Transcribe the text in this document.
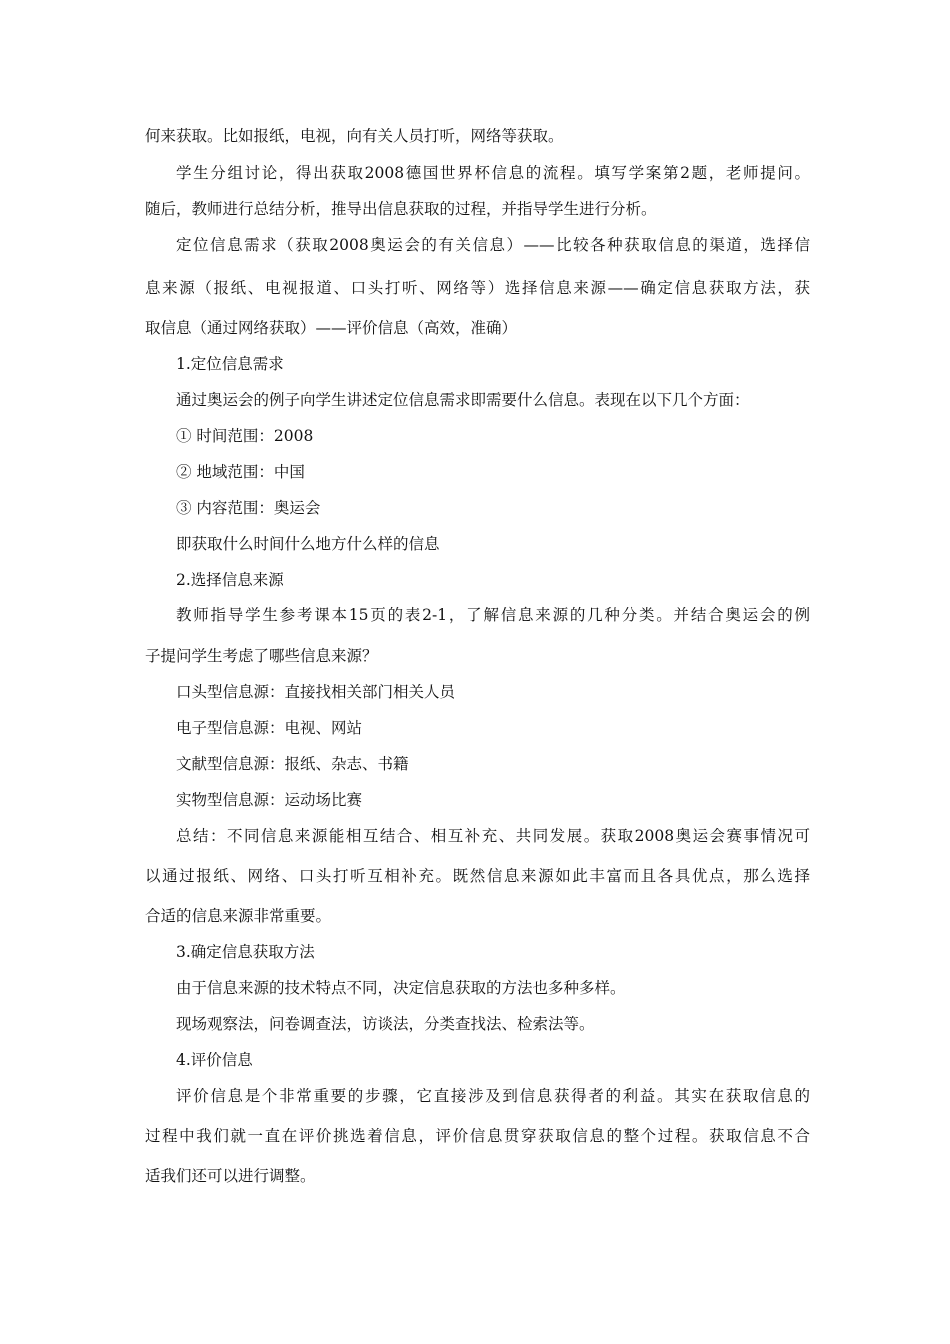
何来获取。比如报纸，电视，向有关人员打听，网络等获取。
学生分组讨论，得出获取2008德国世界杯信息的流程。填写学案第2题，老师提问。
随后，教师进行总结分析，推导出信息获取的过程，并指导学生进行分析。
定位信息需求（获取2008奥运会的有关信息）——比较各种获取信息的渠道，选择信
息来源（报纸、电视报道、口头打听、网络等）选择信息来源——确定信息获取方法，获
取信息（通过网络获取）——评价信息（高效，准确）
1.定位信息需求
通过奥运会的例子向学生讲述定位信息需求即需要什么信息。表现在以下几个方面：
① 时间范围：2008
② 地域范围：中国
③ 内容范围：奥运会
即获取什么时间什么地方什么样的信息
2.选择信息来源
教师指导学生参考课本15页的表2-1，了解信息来源的几种分类。并结合奥运会的例
子提问学生考虑了哪些信息来源？
口头型信息源：直接找相关部门相关人员
电子型信息源：电视、网站
文献型信息源：报纸、杂志、书籍
实物型信息源：运动场比赛
总结：不同信息来源能相互结合、相互补充、共同发展。获取2008奥运会赛事情况可
以通过报纸、网络、口头打听互相补充。既然信息来源如此丰富而且各具优点，那么选择
合适的信息来源非常重要。
3.确定信息获取方法
由于信息来源的技术特点不同，决定信息获取的方法也多种多样。
现场观察法，问卷调查法，访谈法，分类查找法、检索法等。
4.评价信息
评价信息是个非常重要的步骤，它直接涉及到信息获得者的利益。其实在获取信息的
过程中我们就一直在评价挑选着信息，评价信息贯穿获取信息的整个过程。获取信息不合
适我们还可以进行调整。
